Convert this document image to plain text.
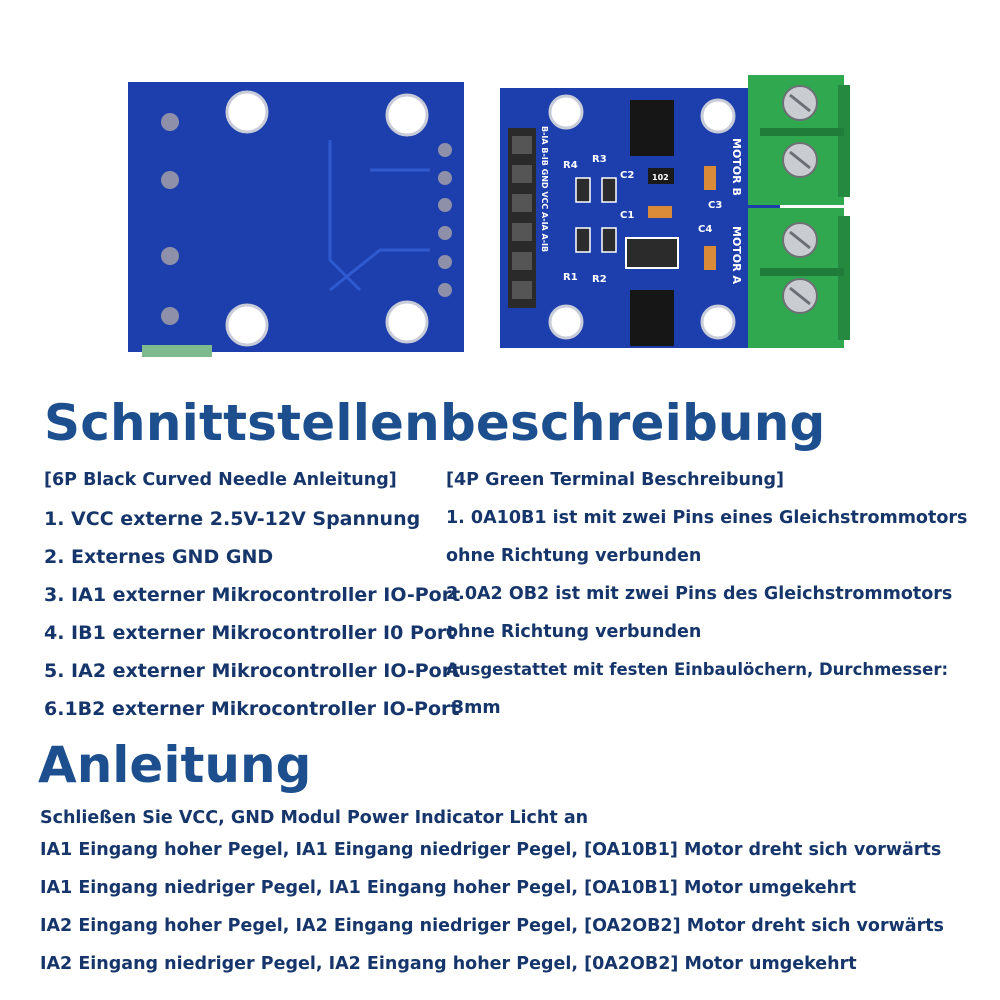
102
R4
R3
R1 R2
C1
C2
C3
C4
MOTOR B
MOTOR A
B-IA B-IB GND VCC A-IA A-IB
Schnittstellenbeschreibung
[6P Black Curved Needle Anleitung]
1. VCC externe 2.5V-12V Spannung
2. Externes GND GND
3. IA1 externer Mikrocontroller IO-Port
4. IB1 externer Mikrocontroller I0 Port
5. IA2 externer Mikrocontroller IO-Port
6.1B2 externer Mikrocontroller IO-Port
[4P Green Terminal Beschreibung]
1. 0A10B1 ist mit zwei Pins eines Gleichstrommotors
ohne Richtung verbunden
2.0A2 OB2 ist mit zwei Pins des Gleichstrommotors
ohne Richtung verbunden
Ausgestattet mit festen Einbaulöchern, Durchmesser:
3mm
Anleitung
Schließen Sie VCC, GND Modul Power Indicator Licht an
IA1 Eingang hoher Pegel, IA1 Eingang niedriger Pegel, [OA10B1] Motor dreht sich vorwärts
IA1 Eingang niedriger Pegel, IA1 Eingang hoher Pegel, [OA10B1] Motor umgekehrt
IA2 Eingang hoher Pegel, IA2 Eingang niedriger Pegel, [OA2OB2] Motor dreht sich vorwärts
IA2 Eingang niedriger Pegel, IA2 Eingang hoher Pegel, [0A2OB2] Motor umgekehrt
